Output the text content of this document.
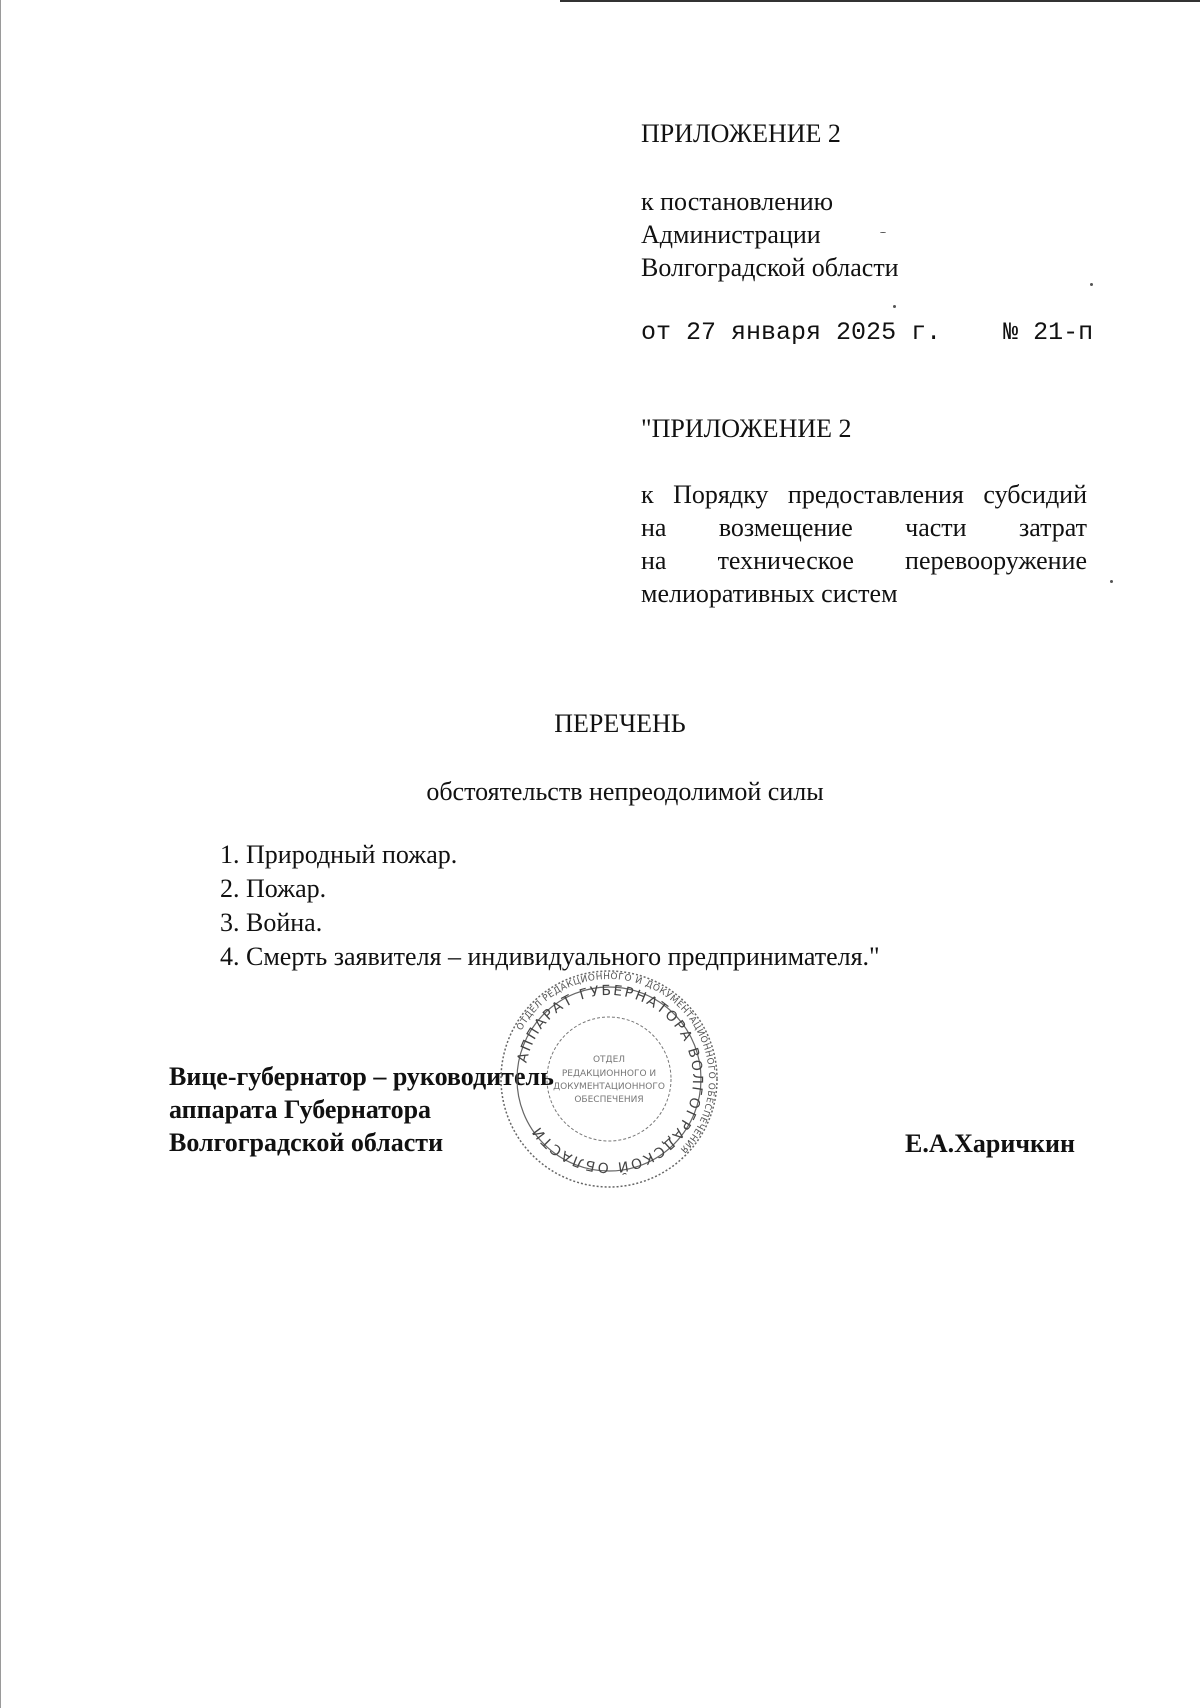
ПРИЛОЖЕНИЕ 2
к постановлению
Администрации
Волгоградской области
от 27 января 2025 г. № 21-п
"ПРИЛОЖЕНИЕ 2
к Порядку предоставления субсидий
на возмещение части затрат
на техническое перевооружение
мелиоративных систем
ПЕРЕЧЕНЬ
обстоятельств непреодолимой силы
1. Природный пожар.
2. Пожар.
3. Война.
4. Смерть заявителя – индивидуального предпринимателя."
Вице-губернатор – руководитель
аппарата Губернатора
Волгоградской области	Е.А.Харичкин
ОТДЕЛ РЕДАКЦИОННОГО И ДОКУМЕНТАЦИОННОГО ОБЕСПЕЧЕНИЯ
АППАРАТ ГУБЕРНАТОРА ВОЛГОГРАДСКОЙ ОБЛАСТИ
ОТДЕЛ
РЕДАКЦИОННОГО И
ДОКУМЕНТАЦИОННОГО
ОБЕСПЕЧЕНИЯ
